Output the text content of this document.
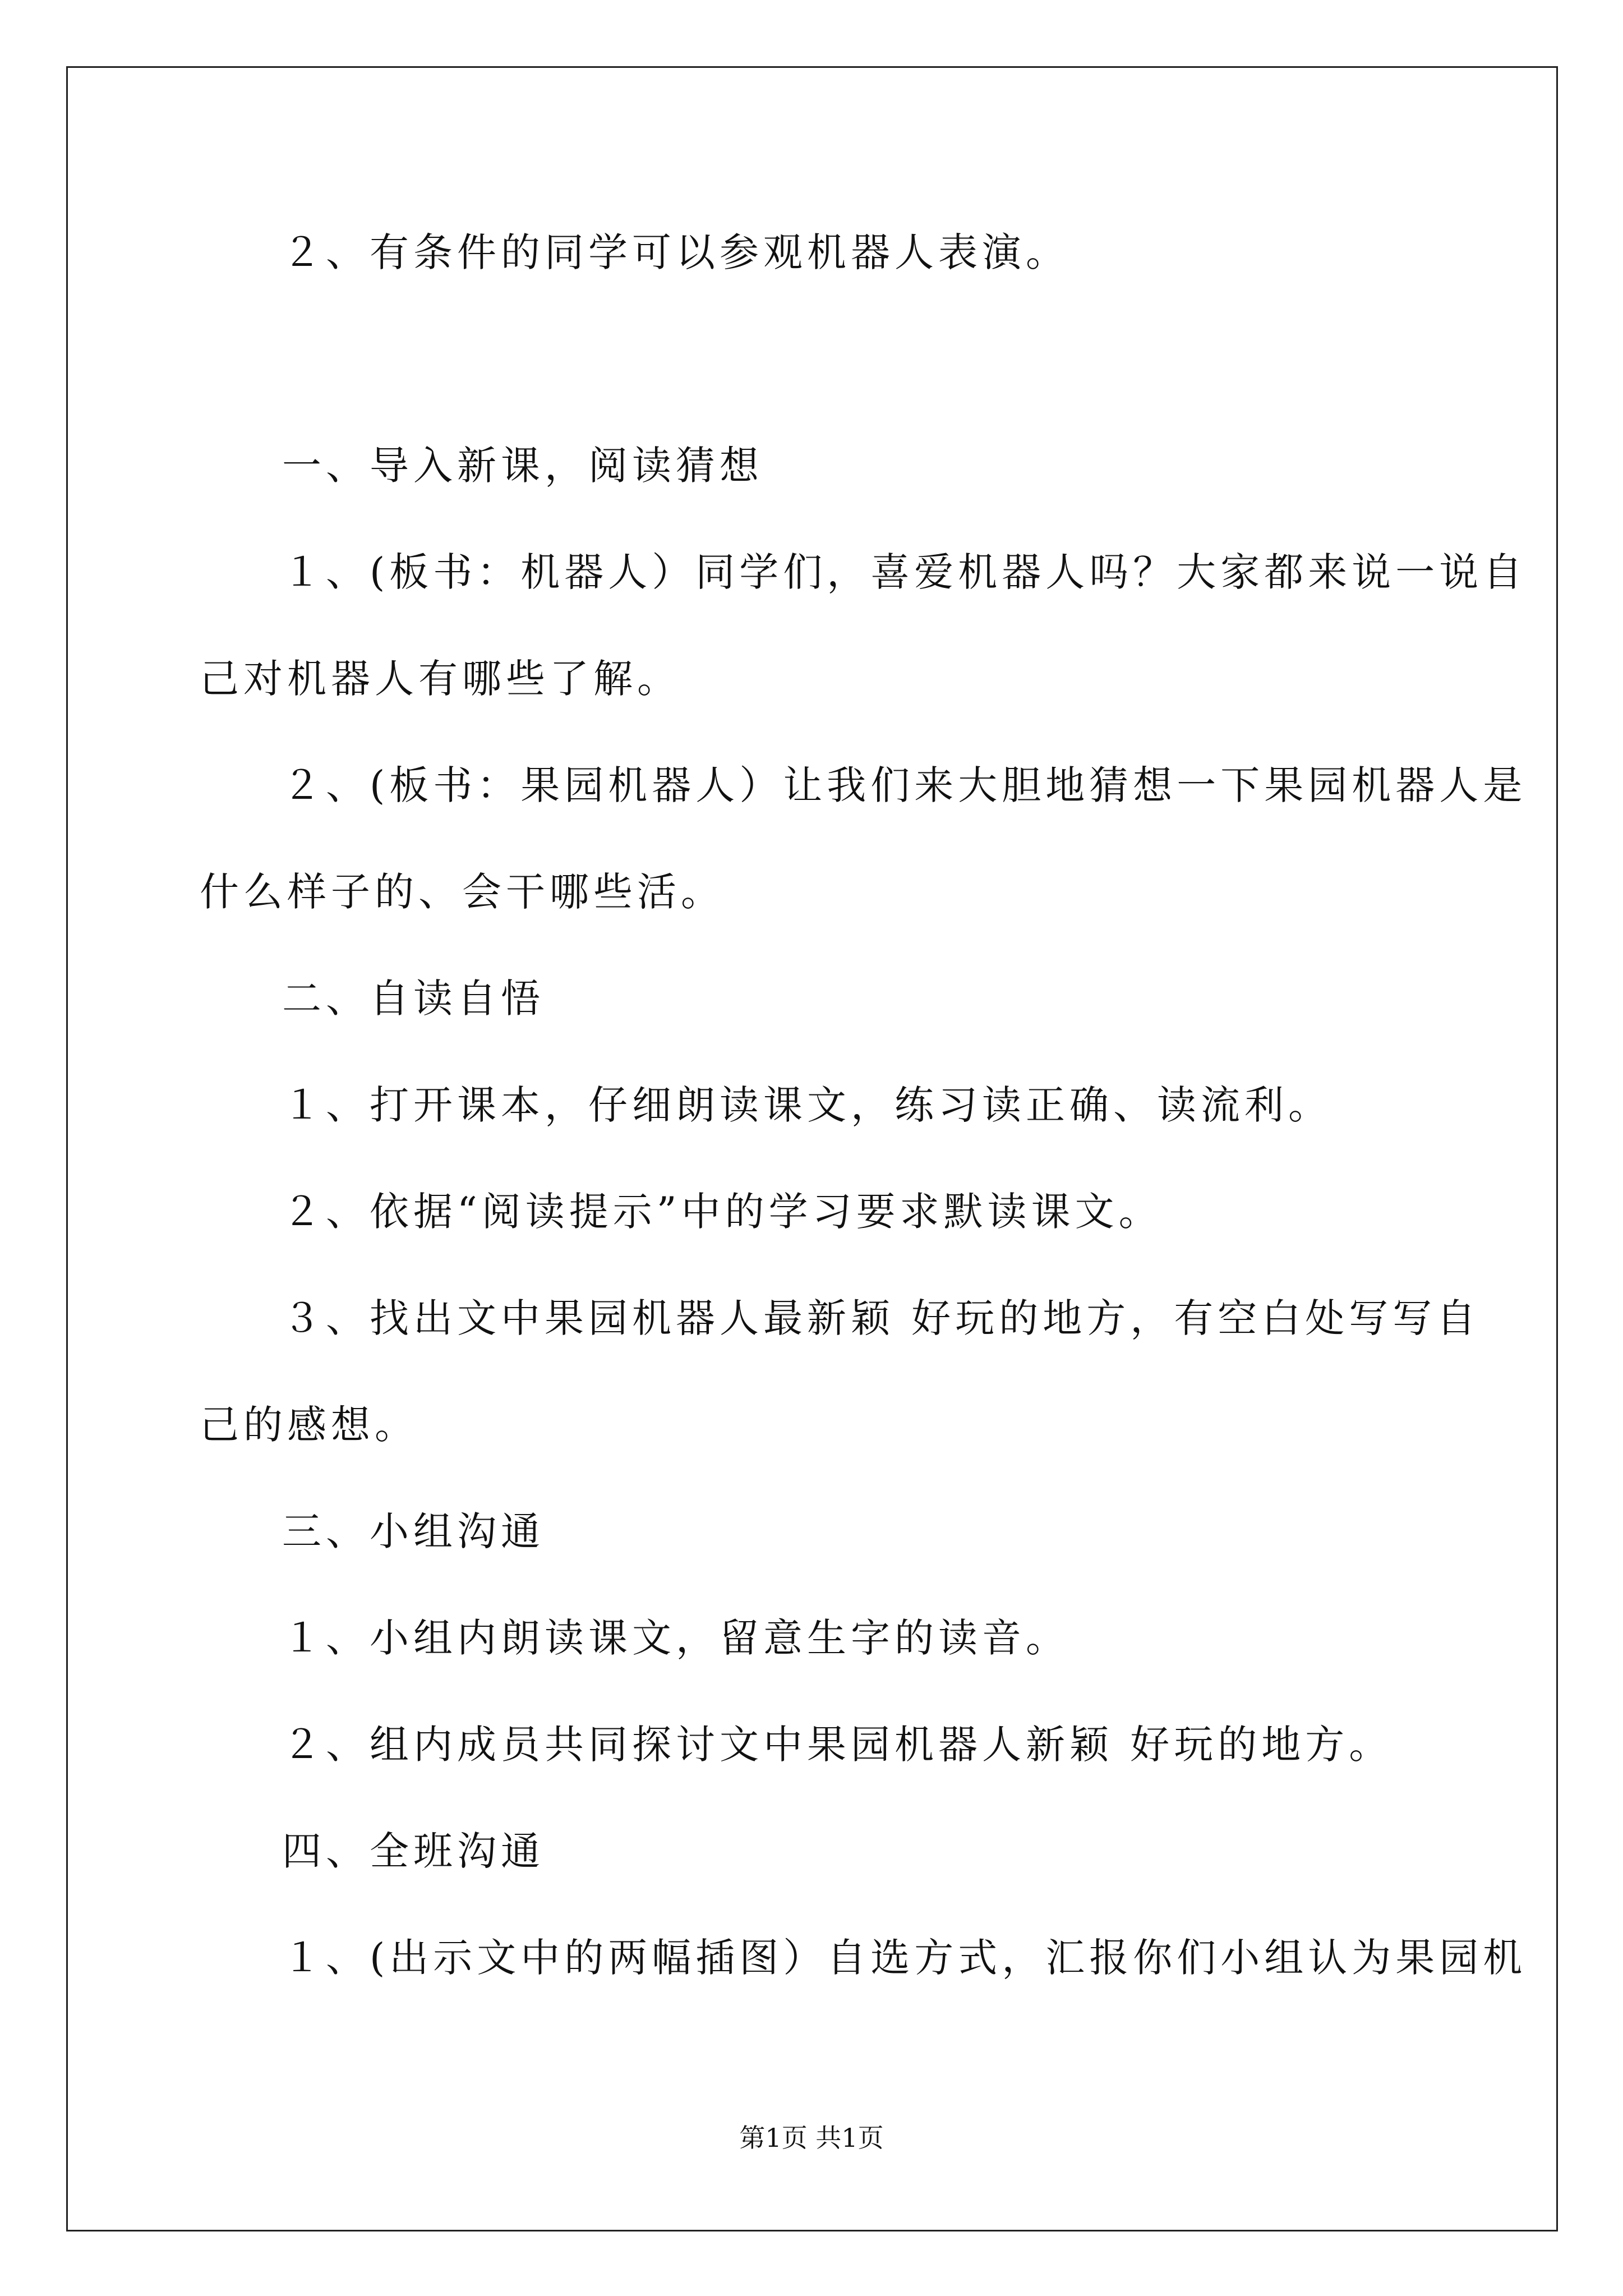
２、有条件的同学可以参观机器人表演。
一、导入新课，阅读猜想
１、(板书：机器人）同学们，喜爱机器人吗？大家都来说一说自
己对机器人有哪些了解。
２、(板书：果园机器人）让我们来大胆地猜想一下果园机器人是
什么样子的、会干哪些活。
二、自读自悟
１、打开课本，仔细朗读课文，练习读正确、读流利。
２、依据“阅读提示”中的学习要求默读课文。
３、找出文中果园机器人最新颖 好玩的地方，有空白处写写自
己的感想。
三、小组沟通
１、小组内朗读课文，留意生字的读音。
２、组内成员共同探讨文中果园机器人新颖 好玩的地方。
四、全班沟通
１、(出示文中的两幅插图）自选方式，汇报你们小组认为果园机
第1页 共1页
